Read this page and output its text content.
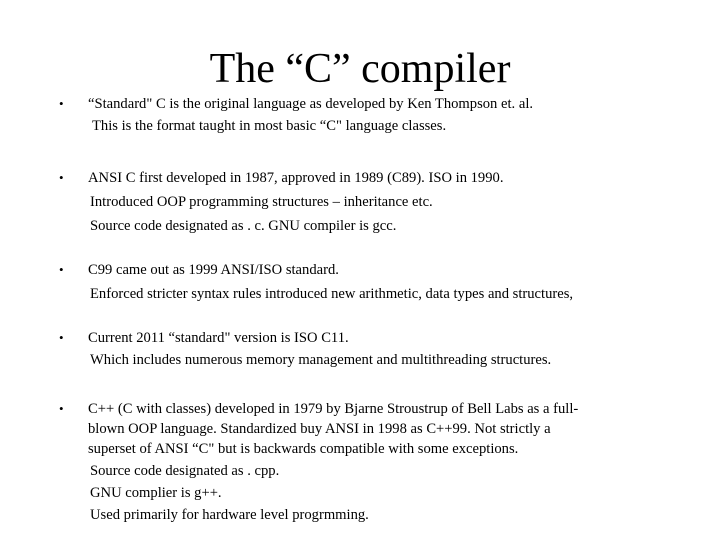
The “C” compiler
• “Standard" C is the original language as developed by Ken Thompson et. al.
This is the format taught in most basic “C" language classes.
• ANSI C first developed in 1987, approved in 1989 (C89). ISO in 1990.
Introduced OOP programming structures – inheritance etc.
Source code designated as . c. GNU compiler is gcc.
• C99 came out as 1999 ANSI/ISO standard.
Enforced stricter syntax rules introduced new arithmetic, data types and structures,
• Current 2011 “standard" version is ISO C11.
Which includes numerous memory management and multithreading structures.
• C++ (C with classes) developed in 1979 by Bjarne Stroustrup of Bell Labs as a full-
blown OOP language. Standardized buy ANSI in 1998 as C++99. Not strictly a
superset of ANSI “C" but is backwards compatible with some exceptions.
Source code designated as . cpp.
GNU complier is g++.
Used primarily for hardware level progrmming.
